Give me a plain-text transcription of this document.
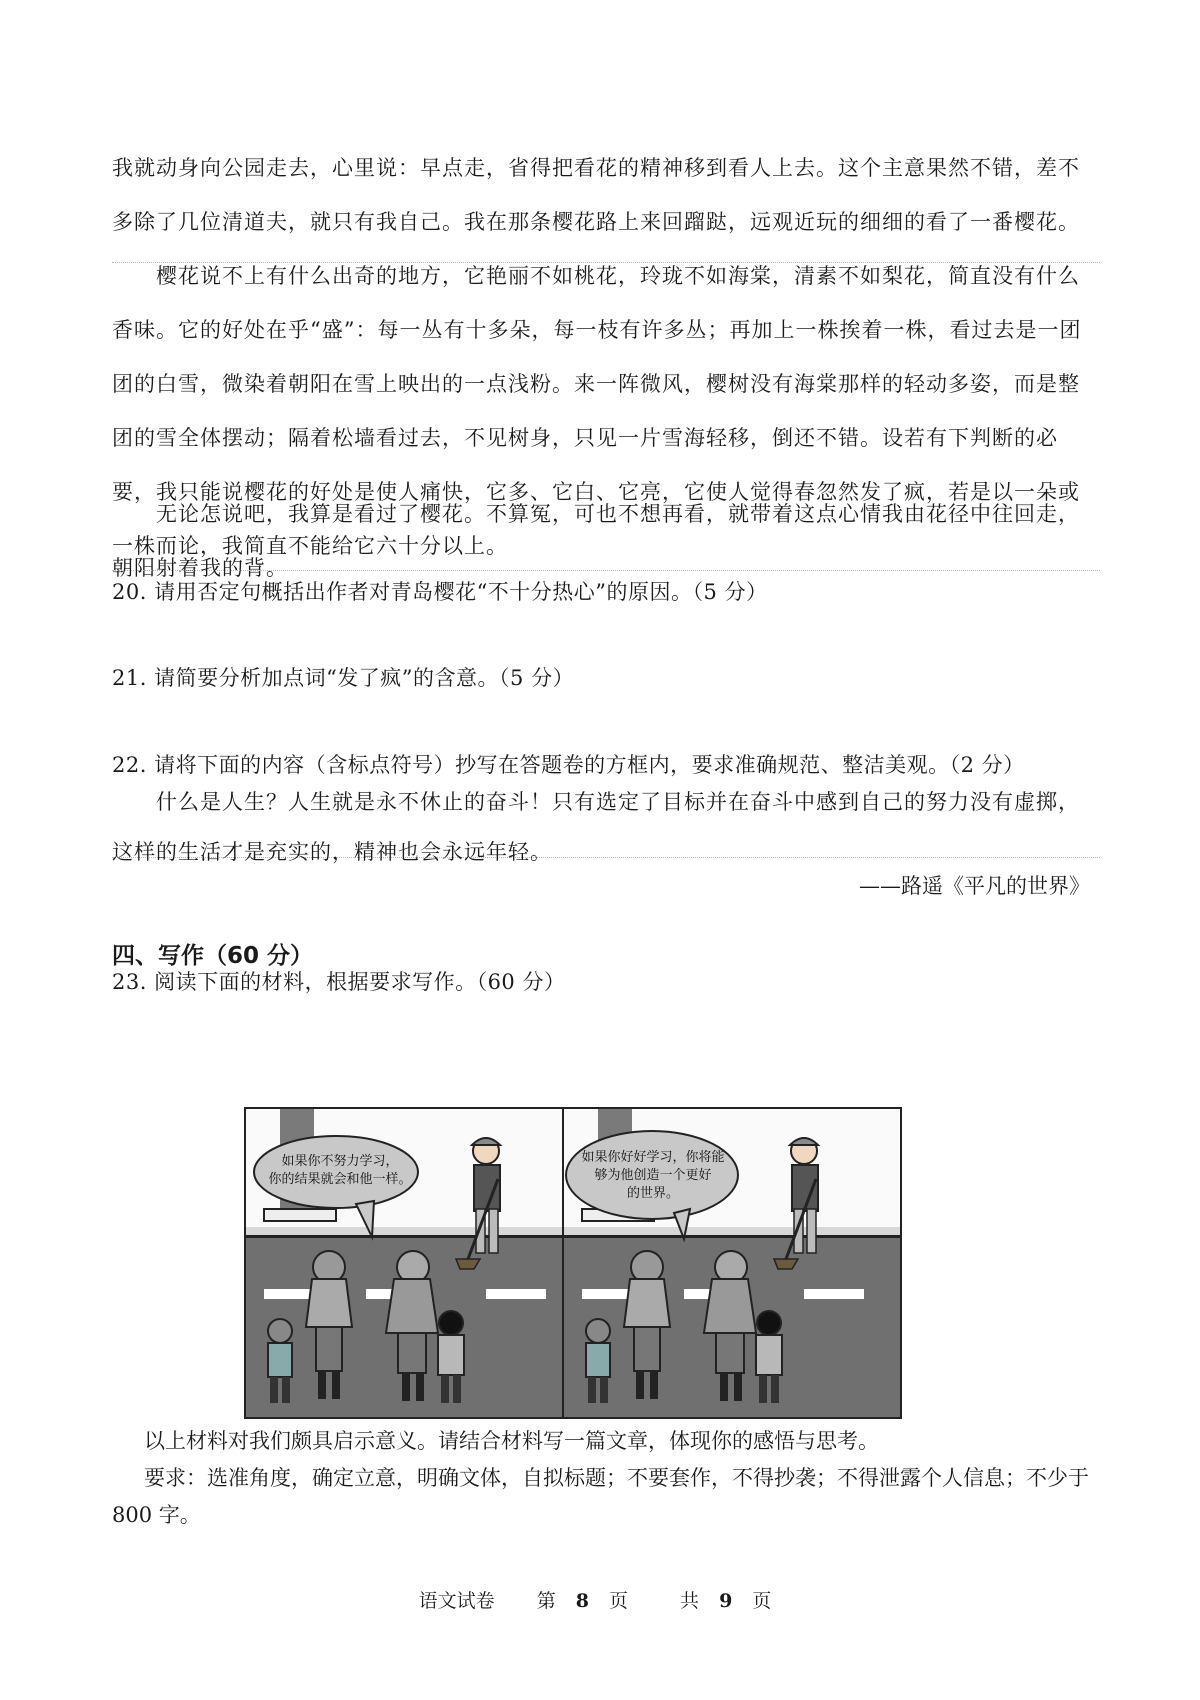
我就动身向公园走去，心里说：早点走，省得把看花的精神移到看人上去。这个主意果然不错，差不多除了几位清道夫，就只有我自己。我在那条樱花路上来回蹓跶，远观近玩的细细的看了一番樱花。

樱花说不上有什么出奇的地方，它艳丽不如桃花，玲珑不如海棠，清素不如梨花，简直没有什么香味。它的好处在乎“盛”：每一丛有十多朵，每一枝有许多丛；再加上一株挨着一株，看过去是一团团的白雪，微染着朝阳在雪上映出的一点浅粉。来一阵微风，樱树没有海棠那样的轻动多姿，而是整团的雪全体摆动；隔着松墙看过去，不见树身，只见一片雪海轻移，倒还不错。设若有下判断的必要，我只能说樱花的好处是使人痛快，它多、它白、它亮，它使人觉得春忽然发了疯，若是以一朵或一株而论，我简直不能给它六十分以上。

无论怎说吧，我算是看过了樱花。不算冤，可也不想再看，就带着这点心情我由花径中往回走，朝阳射着我的背。

20. 请用否定句概括出作者对青岛樱花“不十分热心”的原因。（5 分）
21. 请简要分析加点词“发了疯”的含意。（5 分）
22. 请将下面的内容（含标点符号）抄写在答题卷的方框内，要求准确规范、整洁美观。（2 分）

什么是人生？人生就是永不休止的奋斗！只有选定了目标并在奋斗中感到自己的努力没有虚掷，这样的生活才是充实的，精神也会永远年轻。

——路遥《平凡的世界》
四、写作（60 分）
23. 阅读下面的材料，根据要求写作。（60 分）
如果你不努力学习，
你的结果就会和他一样。
如果你好好学习，你将能
够为他创造一个更好
的世界。

以上材料对我们颇具启示意义。请结合材料写一篇文章，体现你的感悟与思考。

要求：选准角度，确定立意，明确文体，自拟标题；不要套作，不得抄袭；不得泄露个人信息；不少于 800 字。

语文试卷 第 8 页	共 9 页
